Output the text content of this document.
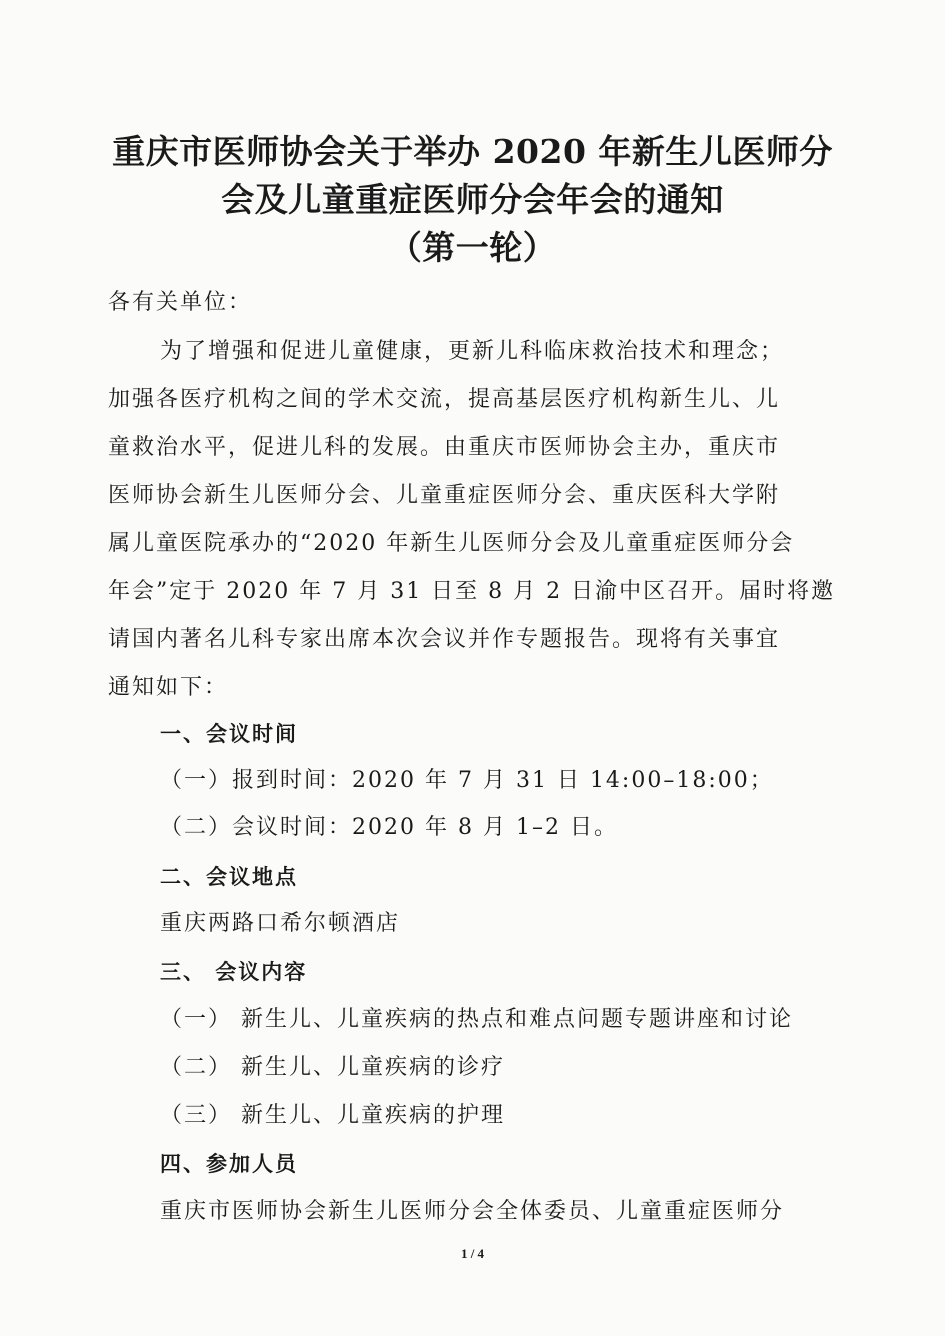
重庆市医师协会关于举办 2020 年新生儿医师分
会及儿童重症医师分会年会的通知
（第一轮）
各有关单位：
为了增强和促进儿童健康，更新儿科临床救治技术和理念；
加强各医疗机构之间的学术交流，提高基层医疗机构新生儿、儿
童救治水平，促进儿科的发展。由重庆市医师协会主办，重庆市
医师协会新生儿医师分会、儿童重症医师分会、重庆医科大学附
属儿童医院承办的“2020 年新生儿医师分会及儿童重症医师分会
年会”定于 2020 年 7 月 31 日至 8 月 2 日渝中区召开。届时将邀
请国内著名儿科专家出席本次会议并作专题报告。现将有关事宜
通知如下：
一、会议时间
（一）报到时间：2020 年 7 月 31 日 14:00–18:00；
（二）会议时间：2020 年 8 月 1–2 日。
二、会议地点
重庆两路口希尔顿酒店
三、 会议内容
（一） 新生儿、儿童疾病的热点和难点问题专题讲座和讨论
（二） 新生儿、儿童疾病的诊疗
（三） 新生儿、儿童疾病的护理
四、参加人员
重庆市医师协会新生儿医师分会全体委员、儿童重症医师分
1 / 4
